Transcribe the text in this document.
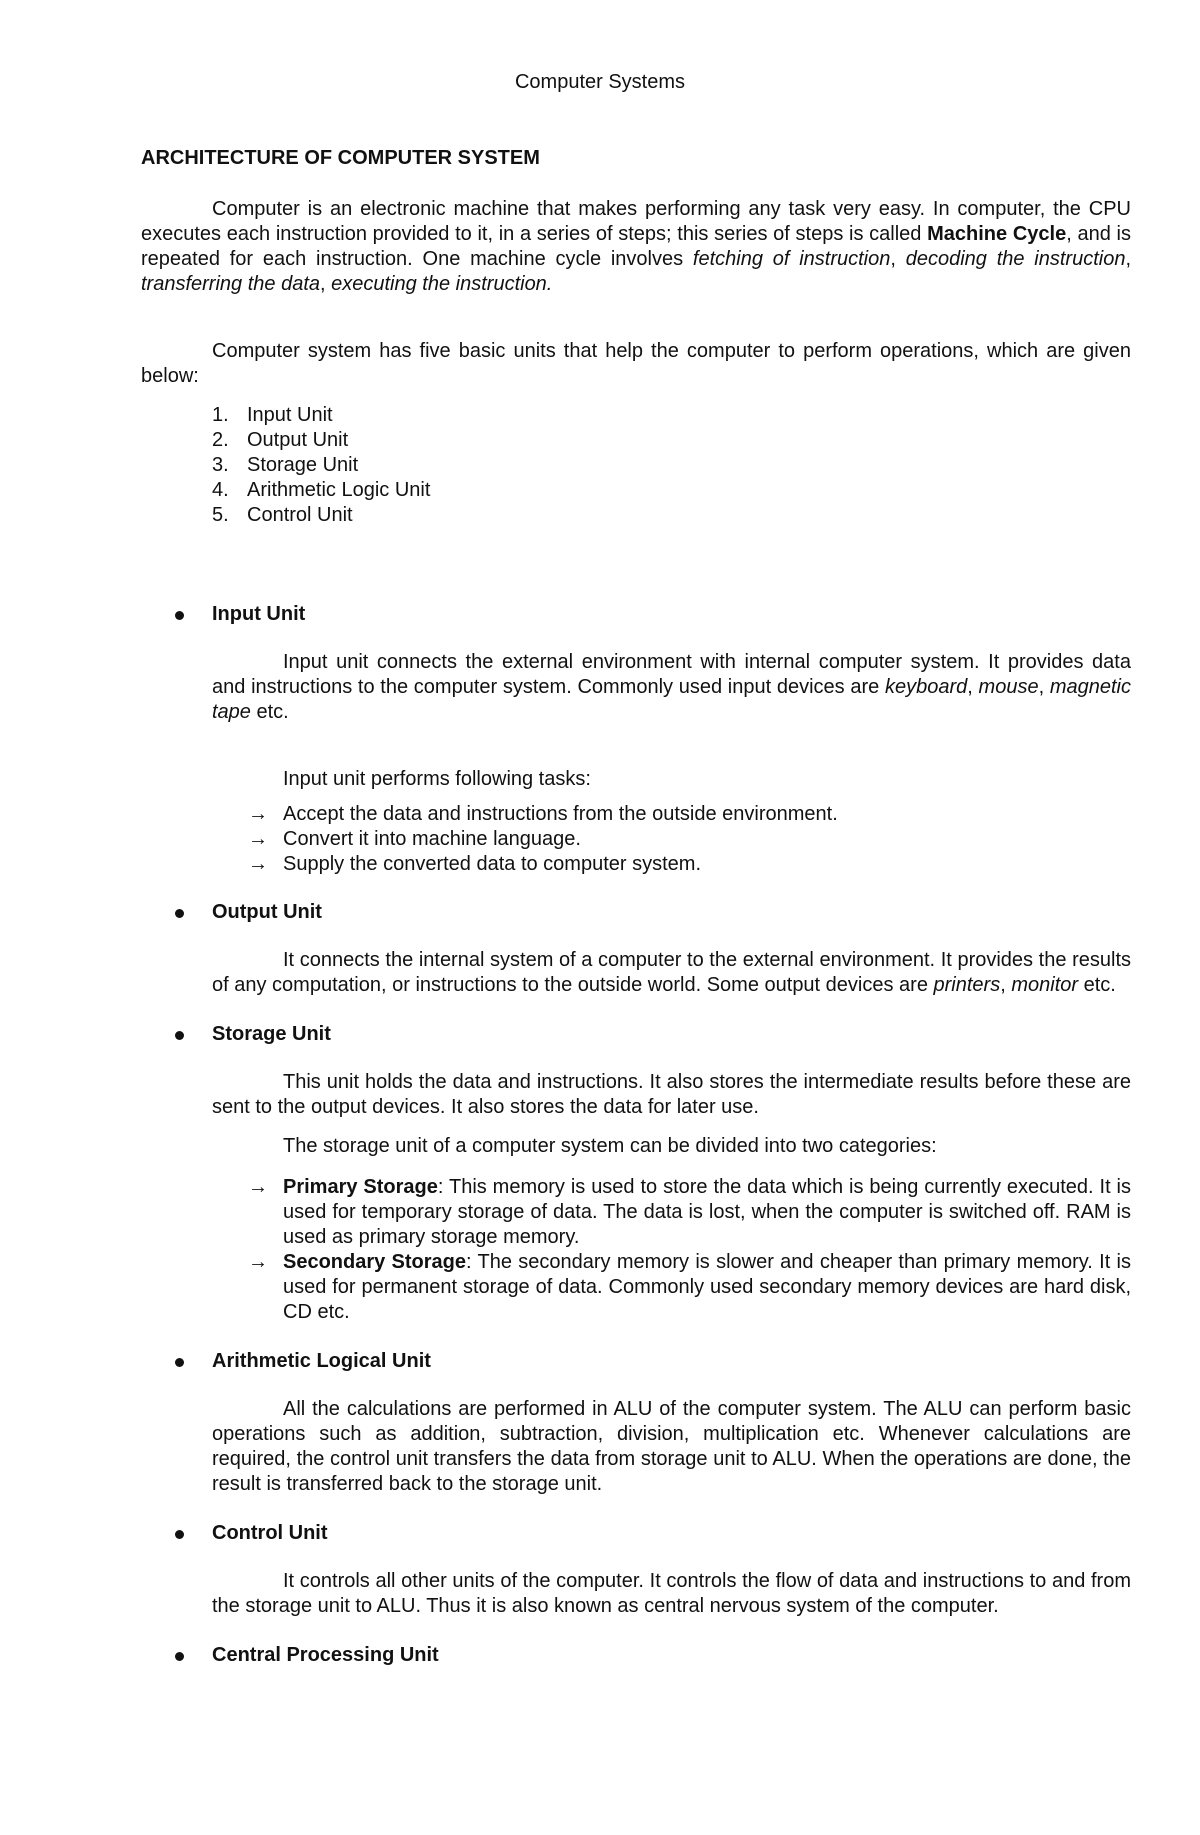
Computer Systems
ARCHITECTURE OF COMPUTER SYSTEM

Computer is an electronic machine that makes performing any task very easy. In computer, the CPU executes each instruction provided to it, in a series of steps; this series of steps is called Machine Cycle, and is repeated for each instruction. One machine cycle involves fetching of instruction, decoding the instruction, transferring the data, executing the instruction.

Computer system has five basic units that help the computer to perform operations, which are given below:

1. Input Unit
2. Output Unit
3. Storage Unit
4. Arithmetic Logic Unit
5. Control Unit
Input Unit

Input unit connects the external environment with internal computer system. It provides data and instructions to the computer system. Commonly used input devices are keyboard, mouse, magnetic tape etc.

Input unit performs following tasks:

→ Accept the data and instructions from the outside environment.
→ Convert it into machine language.
→ Supply the converted data to computer system.
Output Unit

It connects the internal system of a computer to the external environment. It provides the results of any computation, or instructions to the outside world. Some output devices are printers, monitor etc.

Storage Unit

This unit holds the data and instructions. It also stores the intermediate results before these are sent to the output devices. It also stores the data for later use.

The storage unit of a computer system can be divided into two categories:

→ Primary Storage: This memory is used to store the data which is being currently executed. It is used for temporary storage of data. The data is lost, when the computer is switched off. RAM is used as primary storage memory.
→ Secondary Storage: The secondary memory is slower and cheaper than primary memory. It is used for permanent storage of data. Commonly used secondary memory devices are hard disk, CD etc.
Arithmetic Logical Unit

All the calculations are performed in ALU of the computer system. The ALU can perform basic operations such as addition, subtraction, division, multiplication etc. Whenever calculations are required, the control unit transfers the data from storage unit to ALU. When the operations are done, the result is transferred back to the storage unit.

Control Unit

It controls all other units of the computer. It controls the flow of data and instructions to and from the storage unit to ALU. Thus it is also known as central nervous system of the computer.

Central Processing Unit
